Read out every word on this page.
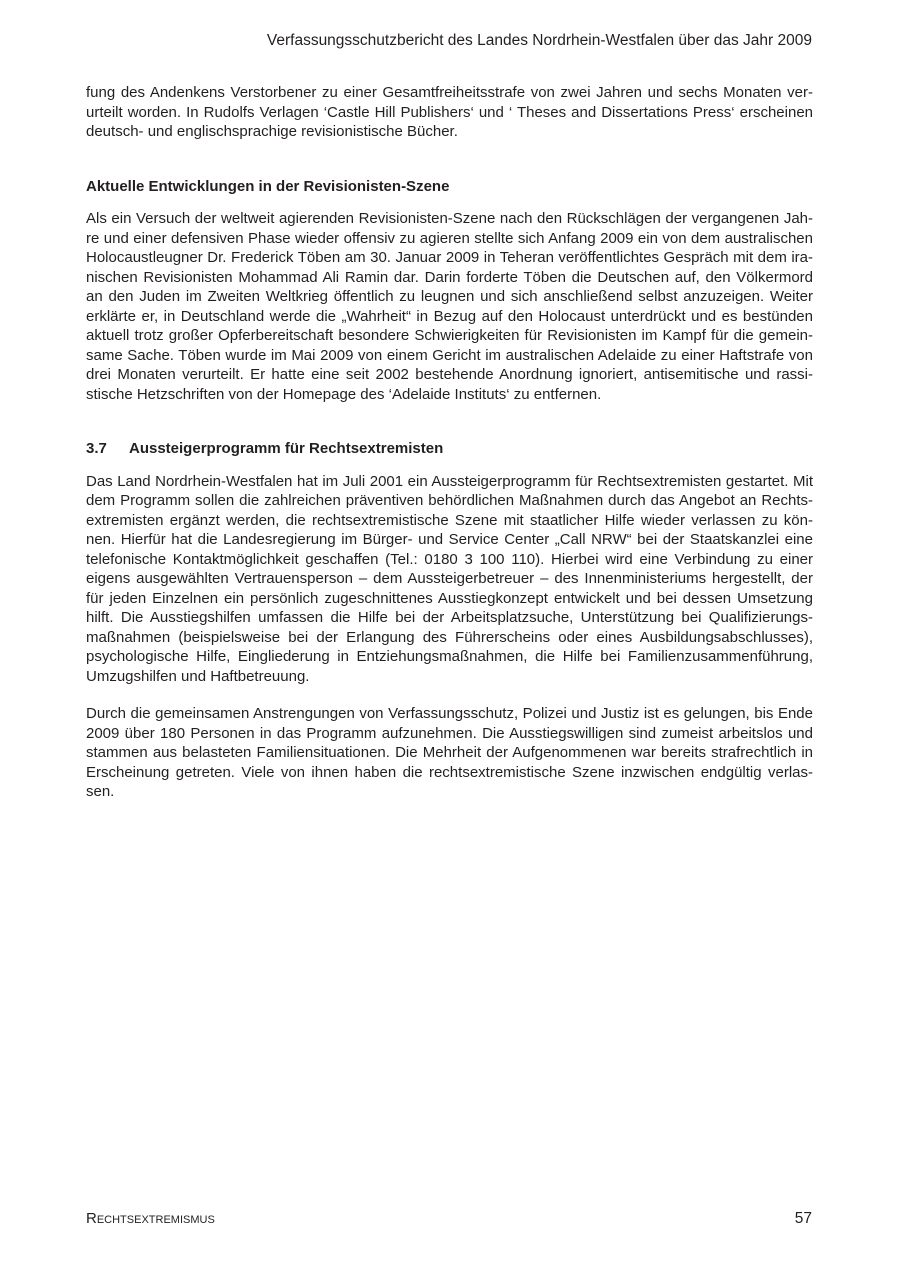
Verfassungsschutzbericht des Landes Nordrhein-Westfalen über das Jahr 2009
fung des Andenkens Verstorbener zu einer Gesamtfreiheitsstrafe von zwei Jahren und sechs Monaten ver-
urteilt worden. In Rudolfs Verlagen ‘Castle Hill Publishers‘ und ‘ Theses and Dissertations Press‘ erscheinen
deutsch- und englischsprachige revisionistische Bücher.
Aktuelle Entwicklungen in der Revisionisten-Szene
Als ein Versuch der weltweit agierenden Revisionisten-Szene nach den Rückschlägen der vergangenen Jah-
re und einer defensiven Phase wieder offensiv zu agieren stellte sich Anfang 2009 ein von dem australischen
Holocaustleugner Dr. Frederick Töben am 30. Januar 2009 in Teheran veröffentlichtes Gespräch mit dem ira-
nischen Revisionisten Mohammad Ali Ramin dar. Darin forderte Töben die Deutschen auf, den Völkermord
an den Juden im Zweiten Weltkrieg öffentlich zu leugnen und sich anschließend selbst anzuzeigen. Weiter
erklärte er, in Deutschland werde die „Wahrheit“ in Bezug auf den Holocaust unterdrückt und es bestünden
aktuell trotz großer Opferbereitschaft besondere Schwierigkeiten für Revisionisten im Kampf für die gemein-
same Sache. Töben wurde im Mai 2009 von einem Gericht im australischen Adelaide zu einer Haftstrafe von
drei Monaten verurteilt. Er hatte eine seit 2002 bestehende Anordnung ignoriert, antisemitische und rassi-
stische Hetzschriften von der Homepage des ‘Adelaide Instituts‘ zu entfernen.
3.7	Aussteigerprogramm für Rechtsextremisten
Das Land Nordrhein-Westfalen hat im Juli 2001 ein Aussteigerprogramm für Rechtsextremisten gestartet. Mit
dem Programm sollen die zahlreichen präventiven behördlichen Maßnahmen durch das Angebot an Rechts-
extremisten ergänzt werden, die rechtsextremistische Szene mit staatlicher Hilfe wieder verlassen zu kön-
nen. Hierfür hat die Landesregierung im Bürger- und Service Center „Call NRW“ bei der Staatskanzlei eine
telefonische Kontaktmöglichkeit geschaffen (Tel.: 0180 3 100 110). Hierbei wird eine Verbindung zu einer
eigens ausgewählten Vertrauensperson – dem Aussteigerbetreuer – des Innenministeriums hergestellt, der
für jeden Einzelnen ein persönlich zugeschnittenes Ausstiegkonzept entwickelt und bei dessen Umsetzung
hilft. Die Ausstiegshilfen umfassen die Hilfe bei der Arbeitsplatzsuche, Unterstützung bei Qualifizierungs-
maßnahmen (beispielsweise bei der Erlangung des Führerscheins oder eines Ausbildungsabschlusses),
psychologische Hilfe, Eingliederung in Entziehungsmaßnahmen, die Hilfe bei Familienzusammenführung,
Umzugshilfen und Haftbetreuung.
Durch die gemeinsamen Anstrengungen von Verfassungsschutz, Polizei und Justiz ist es gelungen, bis Ende
2009 über 180 Personen in das Programm aufzunehmen. Die Ausstiegswilligen sind zumeist arbeitslos und
stammen aus belasteten Familiensituationen. Die Mehrheit der Aufgenommenen war bereits strafrechtlich in
Erscheinung getreten. Viele von ihnen haben die rechtsextremistische Szene inzwischen endgültig verlas-
sen.
Rechtsextremismus	57
